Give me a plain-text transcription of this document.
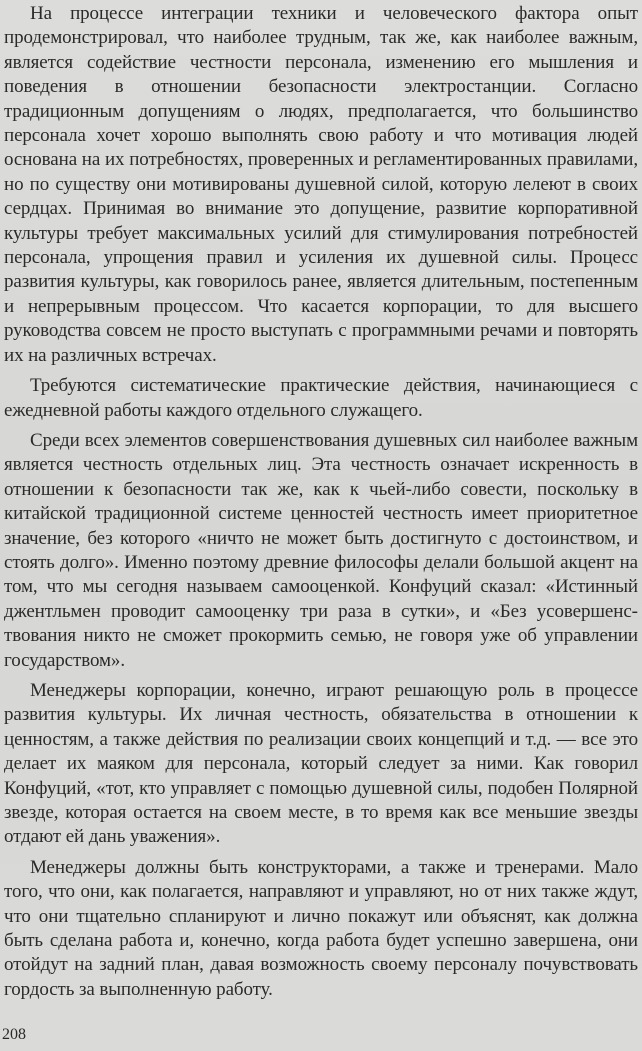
На процессе интеграции техники и человеческого фактора опыт продемонстрировал, что наиболее трудным, так же, как наиболее важным, является содействие честности персонала, изменению его мышления и поведения в отношении безопасности электростанции. Согласно традиционным допущениям о людях, предполагается, что большинство персонала хочет хорошо выполнять свою работу и что мотивация людей основана на их потребностях, проверенных и регламентированных правилами, но по существу они мотивированы душевной силой, которую лелеют в своих сердцах. Принимая во внимание это допущение, развитие корпоративной культуры требует максимальных усилий для стимулирования потребностей персонала, упрощения правил и усиления их душевной силы. Процесс развития культуры, как говорилось ранее, является длительным, постепенным и непрерывным процессом. Что касается корпорации, то для высшего руководства совсем не просто выступать с программными речами и повторять их на различных встречах.

Требуются систематические практические действия, начинающиеся с ежедневной работы каждого отдельного служащего.

Среди всех элементов совершенствования душевных сил наиболее важным является честность отдельных лиц. Эта честность означает искренность в отношении к безопасности так же, как к чьей-либо совести, поскольку в китайской традиционной системе ценностей честность имеет приоритетное значение, без которого «ничто не может быть достигнуто с достоинством, и стоять долго». Именно поэтому древние философы делали большой акцент на том, что мы сегодня называем самооценкой. Конфуций сказал: «Истинный джентльмен проводит самооценку три раза в сутки», и «Без усовершенствования никто не сможет прокормить семью, не говоря уже об управлении государством».

Менеджеры корпорации, конечно, играют решающую роль в процессе развития культуры. Их личная честность, обязательства в отношении к ценностям, а также действия по реализации своих концепций и т.д. — все это делает их маяком для персонала, который следует за ними. Как говорил Конфуций, «тот, кто управляет с помощью душевной силы, подобен Полярной звезде, которая остается на своем месте, в то время как все меньшие звезды отдают ей дань уважения».

Менеджеры должны быть конструкторами, а также и тренерами. Мало того, что они, как полагается, направляют и управляют, но от них также ждут, что они тщательно спланируют и лично покажут или объяснят, как должна быть сделана работа и, конечно, когда работа будет успешно завершена, они отойдут на задний план, давая возможность своему персоналу почувствовать гордость за выполненную работу.

208
